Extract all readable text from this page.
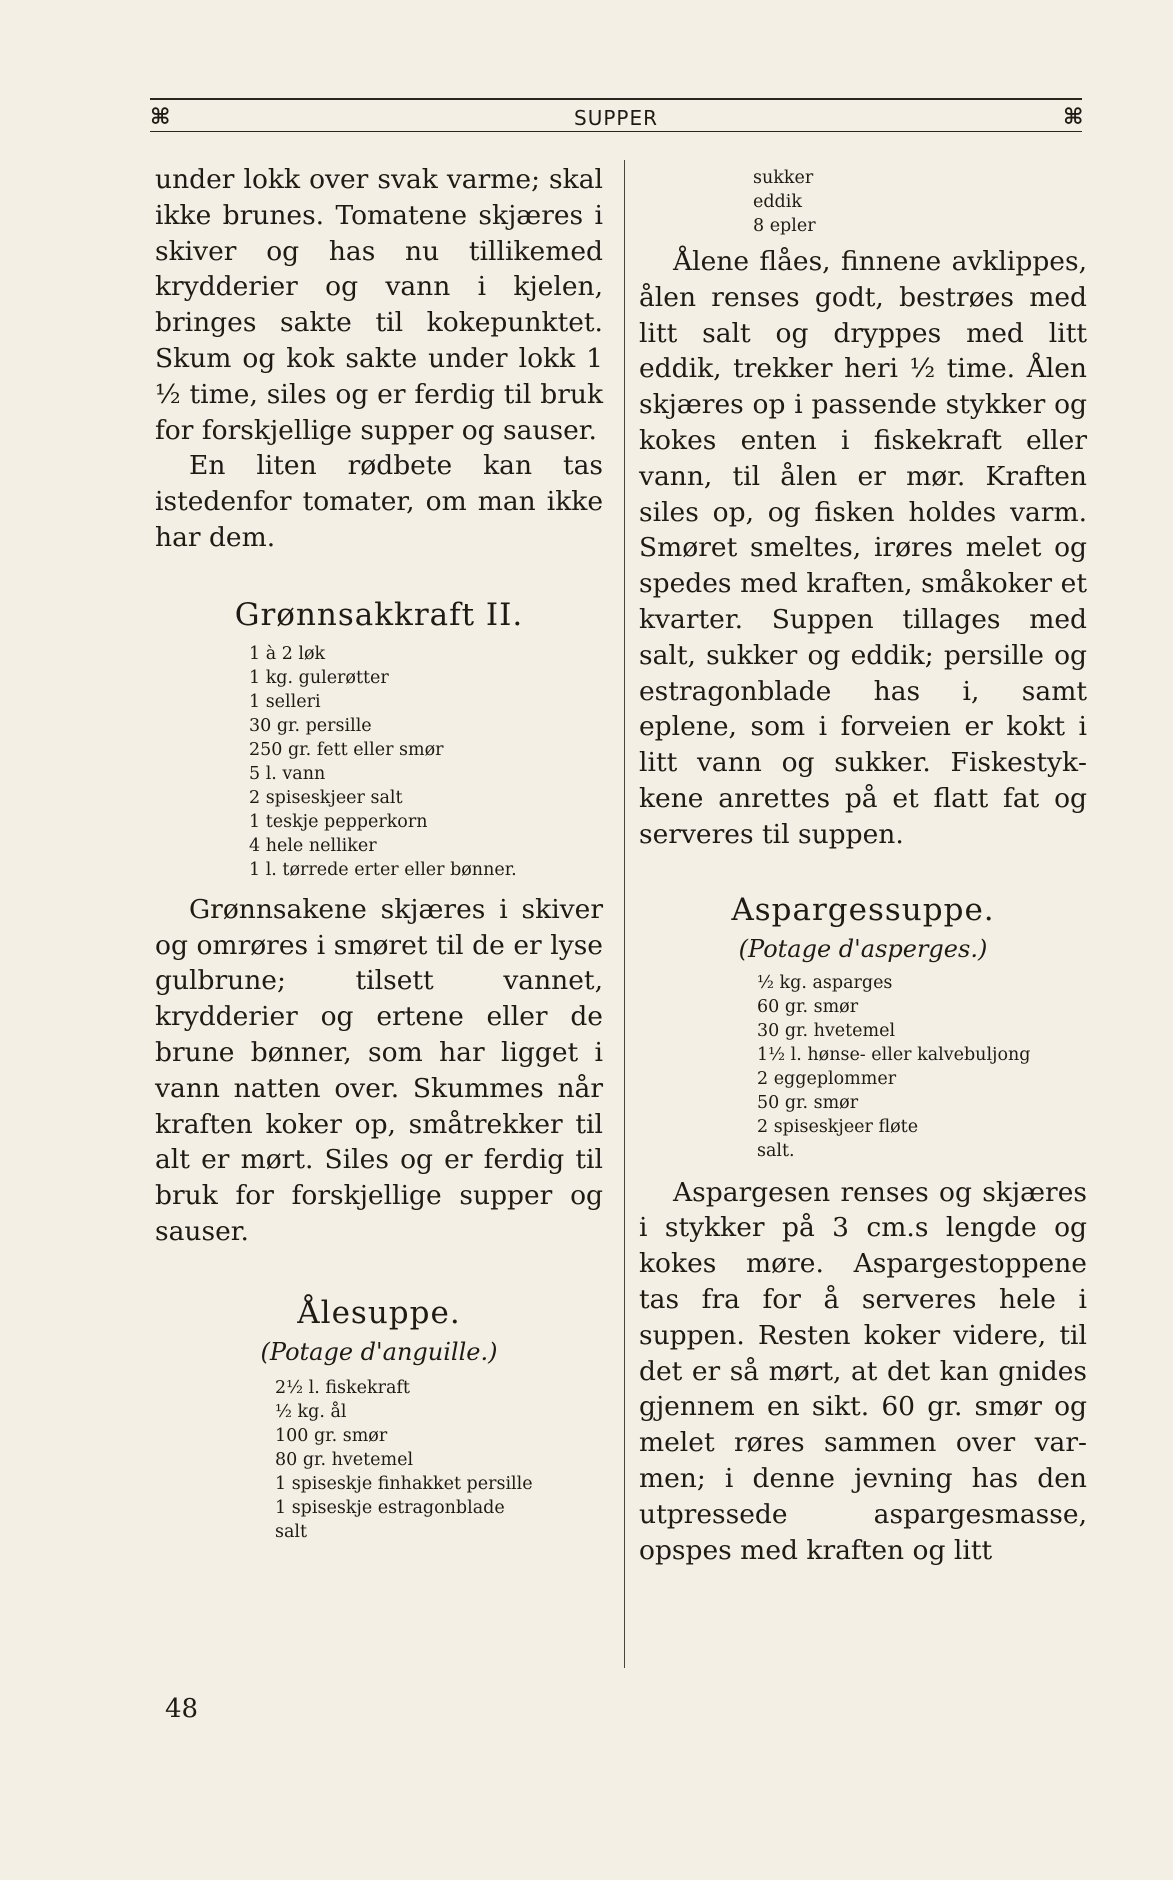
⌘	SUPPER	⌘

under lokk over svak varme; skal ikke brunes. Tomatene skjæres i skiver og has nu tillikemed krydderier og vann i kjelen, bringes sakte til kokepunktet. Skum og kok sakte under lokk 1 ½ time, siles og er ferdig til bruk for forskjellige supper og sauser.

En liten rødbete kan tas istedenfor tomater, om man ikke har dem.

Grønnsakkraft II.
1 à 2 løk
1 kg. gulerøtter
1 selleri
30 gr. persille
250 gr. fett eller smør
5 l. vann
2 spiseskjeer salt
1 teskje pepperkorn
4 hele nelliker
1 l. tørrede erter eller bønner.

Grønnsakene skjæres i skiver og omrøres i smøret til de er lyse gulbrune; tilsett vannet, krydderier og ertene eller de brune bønner, som har ligget i vann natten over. Skummes når kraften koker op, småtrekker til alt er mørt. Siles og er ferdig til bruk for forskjellige supper og sauser.

Ålesuppe.

(Potage d'anguille.)

2½ l. fiskekraft
½ kg. ål
100 gr. smør
80 gr. hvetemel
1 spiseskje finhakket persille
1 spiseskje estragonblade
salt
sukker
eddik
8 epler

Ålene flåes, finnene avklippes, ålen renses godt, bestrøes med litt salt og dryppes med litt eddik, trekker heri ½ time. Ålen skjæres op i passende stykker og kokes enten i fiskekraft eller vann, til ålen er mør. Kraften siles op, og fisken holdes varm. Smøret smeltes, irøres melet og spedes med kraften, småkoker et kvarter. Suppen tillages med salt, sukker og eddik; persille og estragonblade has i, samt eplene, som i forveien er kokt i litt vann og sukker. Fiskestykkene anrettes på et flatt fat og serveres til suppen.

Aspargessuppe.

(Potage d'asperges.)

½ kg. asparges
60 gr. smør
30 gr. hvetemel
1½ l. hønse- eller kalvebuljong
2 eggeplommer
50 gr. smør
2 spiseskjeer fløte
salt.

Aspargesen renses og skjæres i stykker på 3 cm.s lengde og kokes møre. Aspargestoppene tas fra for å serveres hele i suppen. Resten koker videre, til det er så mørt, at det kan gnides gjennem en sikt. 60 gr. smør og melet røres sammen over varmen; i denne jevning has den utpressede aspargesmasse, opspes med kraften og litt

48
